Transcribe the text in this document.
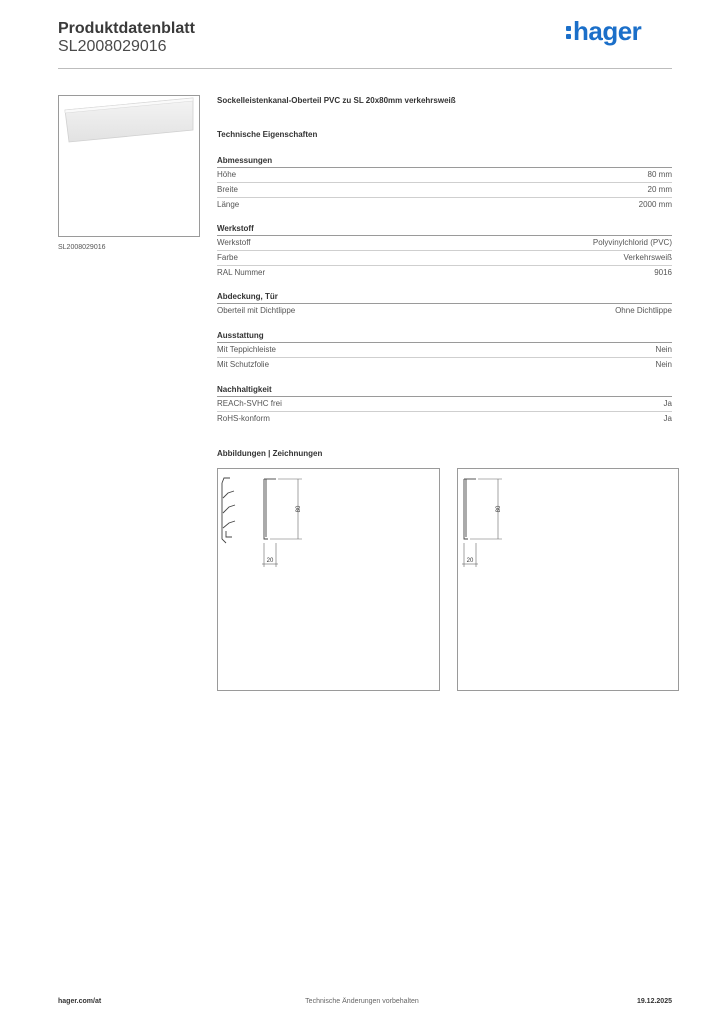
Produktdatenblatt
SL2008029016
hager
SL2008029016
Sockelleistenkanal-Oberteil PVC zu SL 20x80mm verkehrsweiß
Technische Eigenschaften
Abmessungen
Höhe	80 mm
Breite	20 mm
Länge	2000 mm
Werkstoff
Werkstoff	Polyvinylchlorid (PVC)
Farbe	Verkehrsweiß
RAL Nummer	9016
Abdeckung, Tür
Oberteil mit Dichtlippe	Ohne Dichtlippe
Ausstattung
Mit Teppichleiste	Nein
Mit Schutzfolie	Nein
Nachhaltigkeit
REACh-SVHC frei	Ja
RoHS-konform	Ja
Abbildungen | Zeichnungen
80
20
80
20
hager.com/at	Technische Änderungen vorbehalten	19.12.2025
